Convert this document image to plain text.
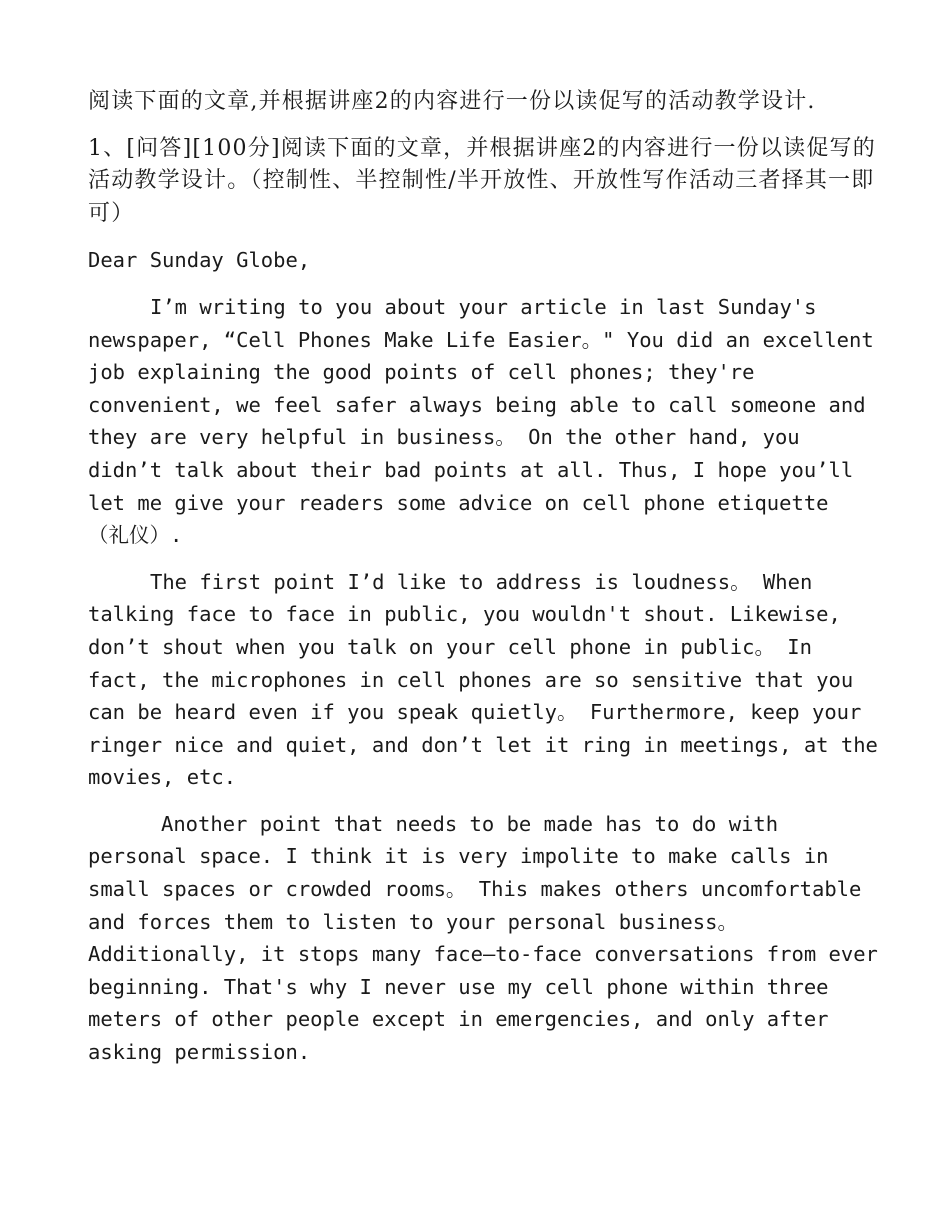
阅读下面的文章,并根据讲座2的内容进行一份以读促写的活动教学设计.

1、[问答][100分]阅读下面的文章，并根据讲座2的内容进行一份以读促写的活动教学设计。（控制性、半控制性/半开放性、开放性写作活动三者择其一即可）

Dear Sunday Globe,

I’m writing to you about your article in last Sunday's newspaper, “Cell Phones Make Life Easier。" You did an excellent job explaining the good points of cell phones; they're convenient, we feel safer always being able to call someone and they are very helpful in business。 On the other hand, you didn’t talk about their bad points at all. Thus, I hope you’ll let me give your readers some advice on cell phone etiquette （礼仪）.

The first point I’d like to address is loudness。 When talking face to face in public, you wouldn't shout. Likewise, don’t shout when you talk on your cell phone in public。 In fact, the microphones in cell phones are so sensitive that you can be heard even if you speak quietly。 Furthermore, keep your ringer nice and quiet, and don’t let it ring in meetings, at the movies, etc.

Another point that needs to be made has to do with personal space. I think it is very impolite to make calls in small spaces or crowded rooms。 This makes others uncomfortable and forces them to listen to your personal business。 Additionally, it stops many face—to-face conversations from ever beginning. That's why I never use my cell phone within three meters of other people except in emergencies, and only after asking permission.
